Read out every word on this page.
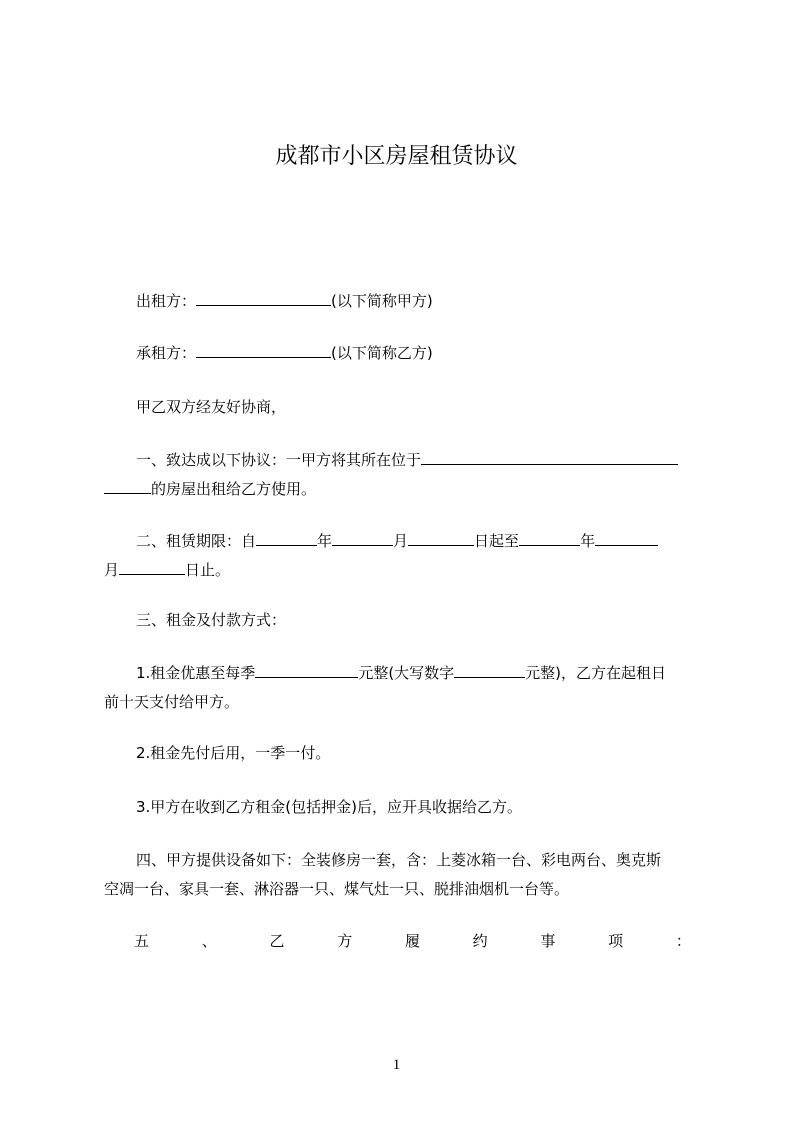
成都市小区房屋租赁协议
出租方：	(以下简称甲方)
承租方：	(以下简称乙方)
甲乙双方经友好协商，
一、致达成以下协议：一甲方将其所在位于
的房屋出租给乙方使用。
二、租赁期限：自	年	月	日起至	年
月	日止。
三、租金及付款方式：
1.租金优惠至每季	元整(大写数字	元整)，乙方在起租日
前十天支付给甲方。
2.租金先付后用，一季一付。
3.甲方在收到乙方租金(包括押金)后，应开具收据给乙方。
四、甲方提供设备如下：全装修房一套，含：上菱冰箱一台、彩电两台、奥克斯
空凋一台、家具一套、淋浴器一只、煤气灶一只、脱排油烟机一台等。
五	、	乙	方	履	约	事	项	：
1
